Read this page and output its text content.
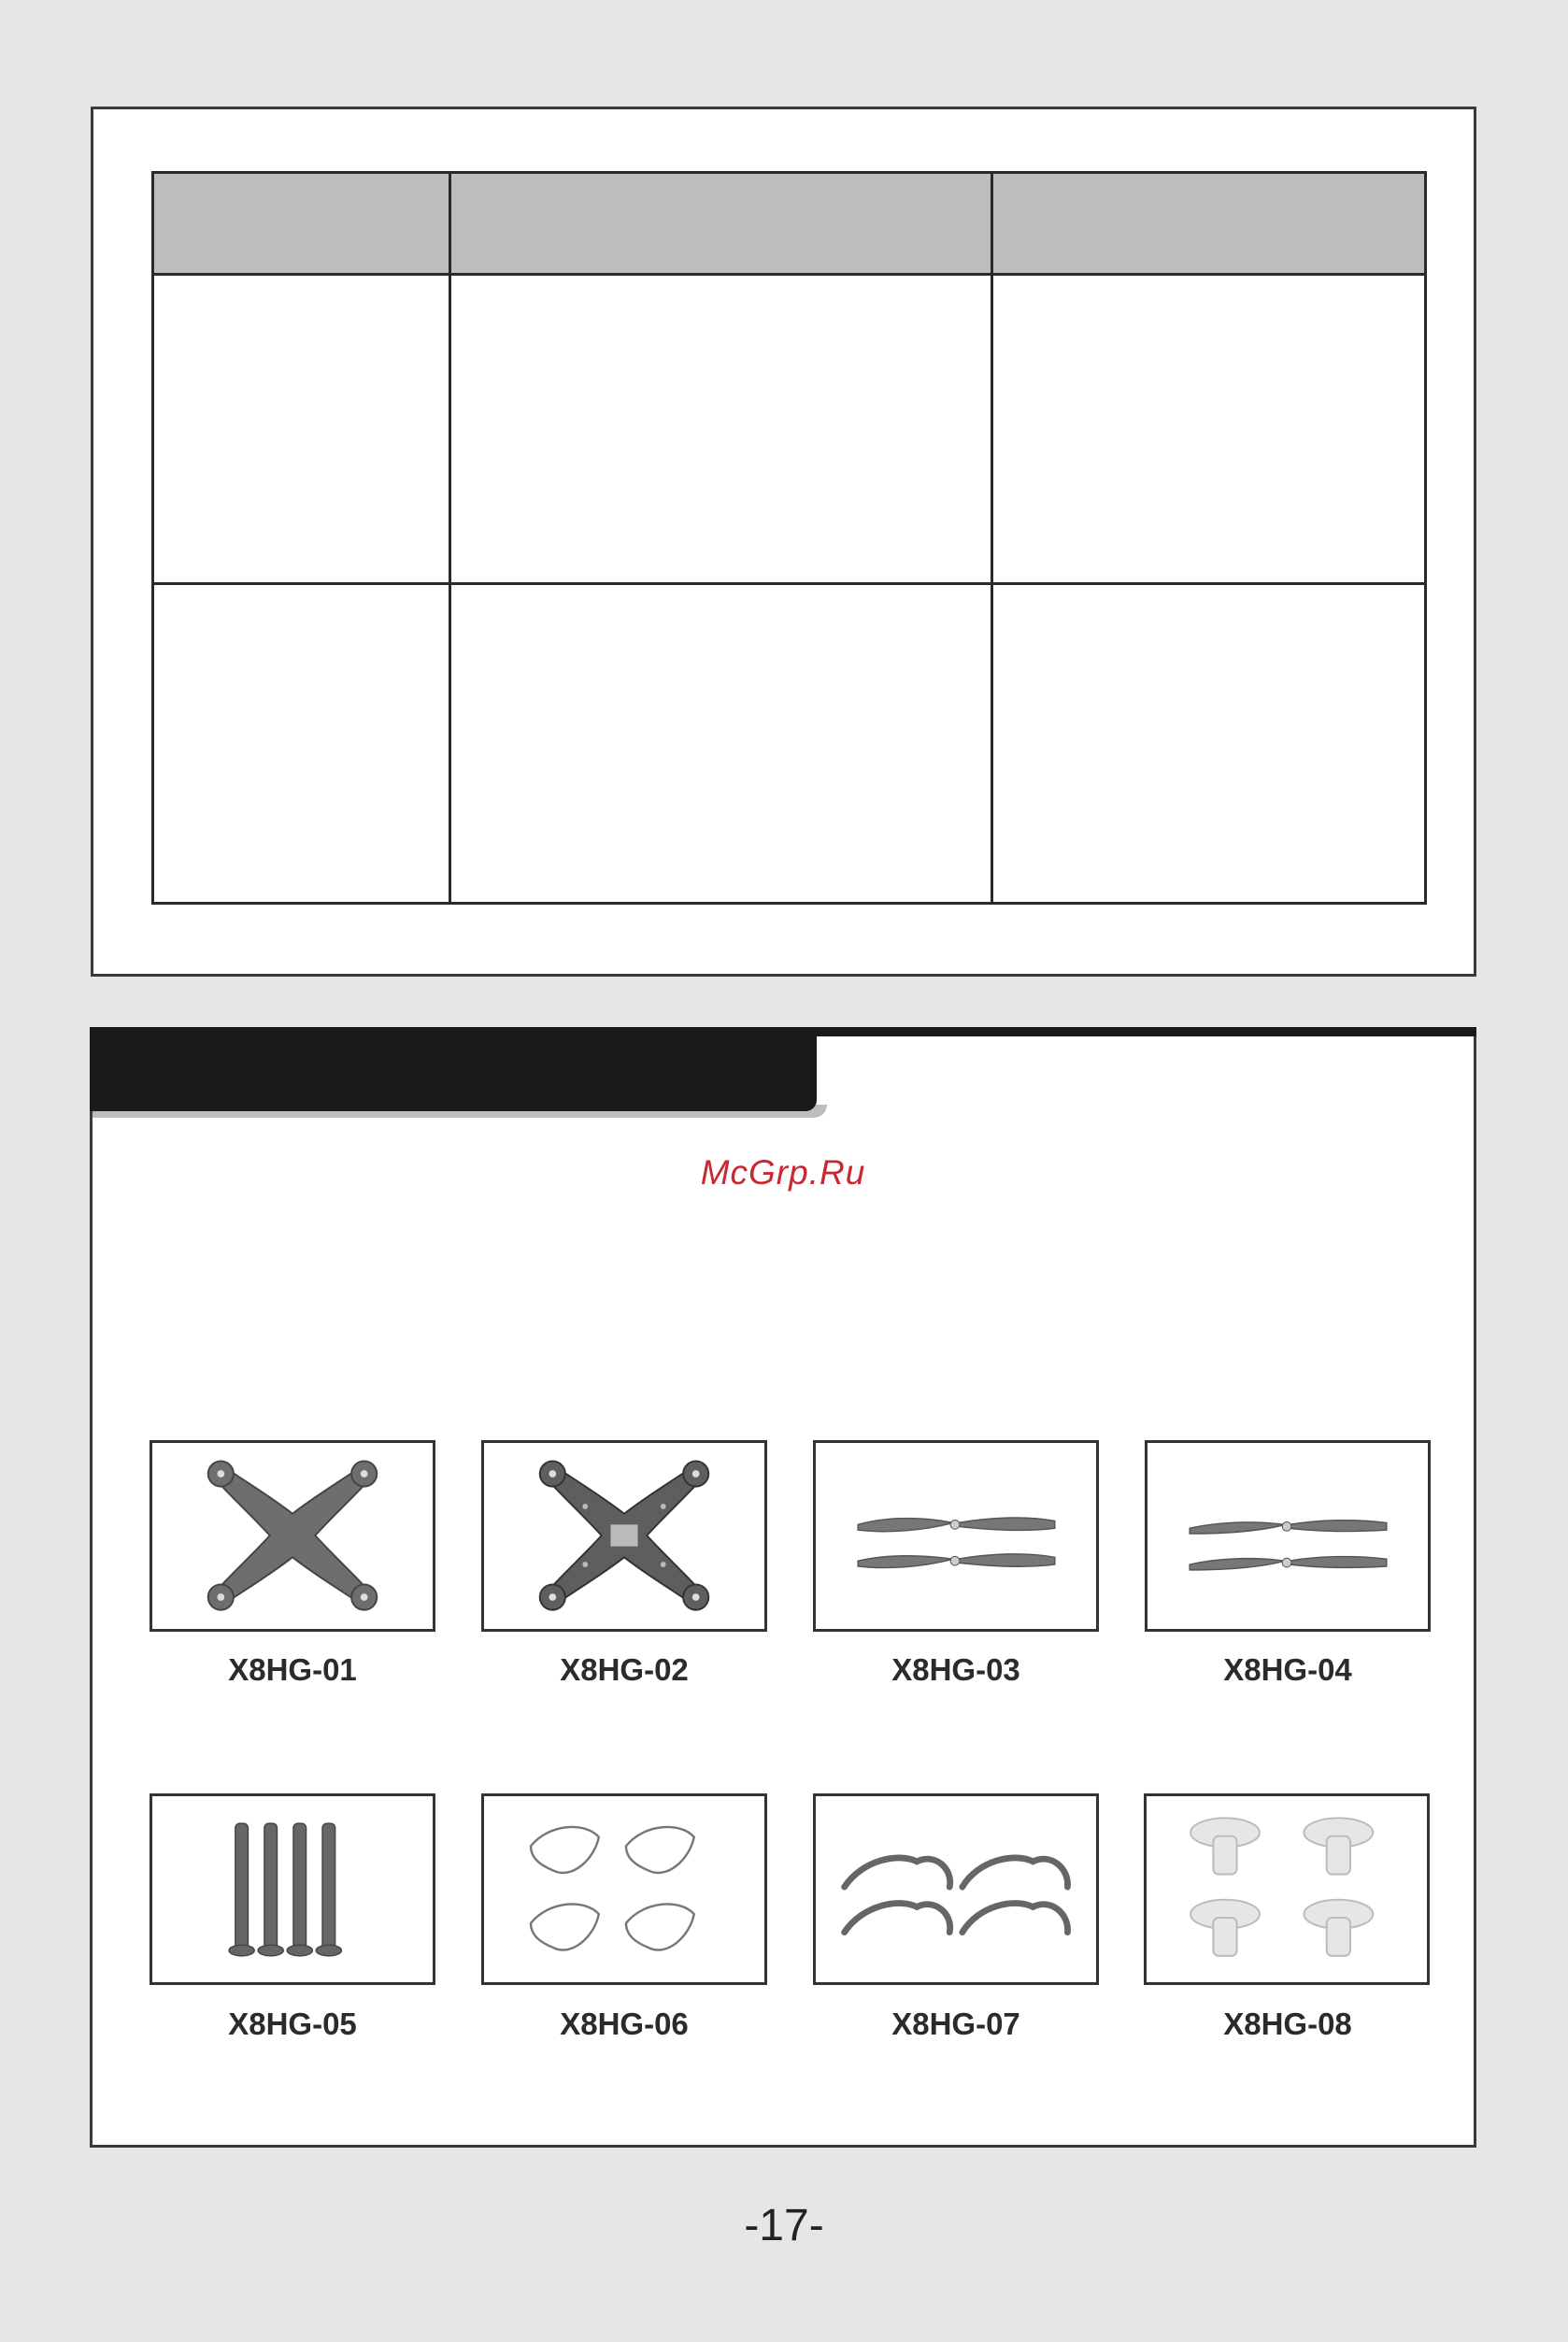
McGrp.Ru
X8HG-01	X8HG-02	X8HG-03	X8HG-04
X8HG-05	X8HG-06	X8HG-07	X8HG-08
-17-
